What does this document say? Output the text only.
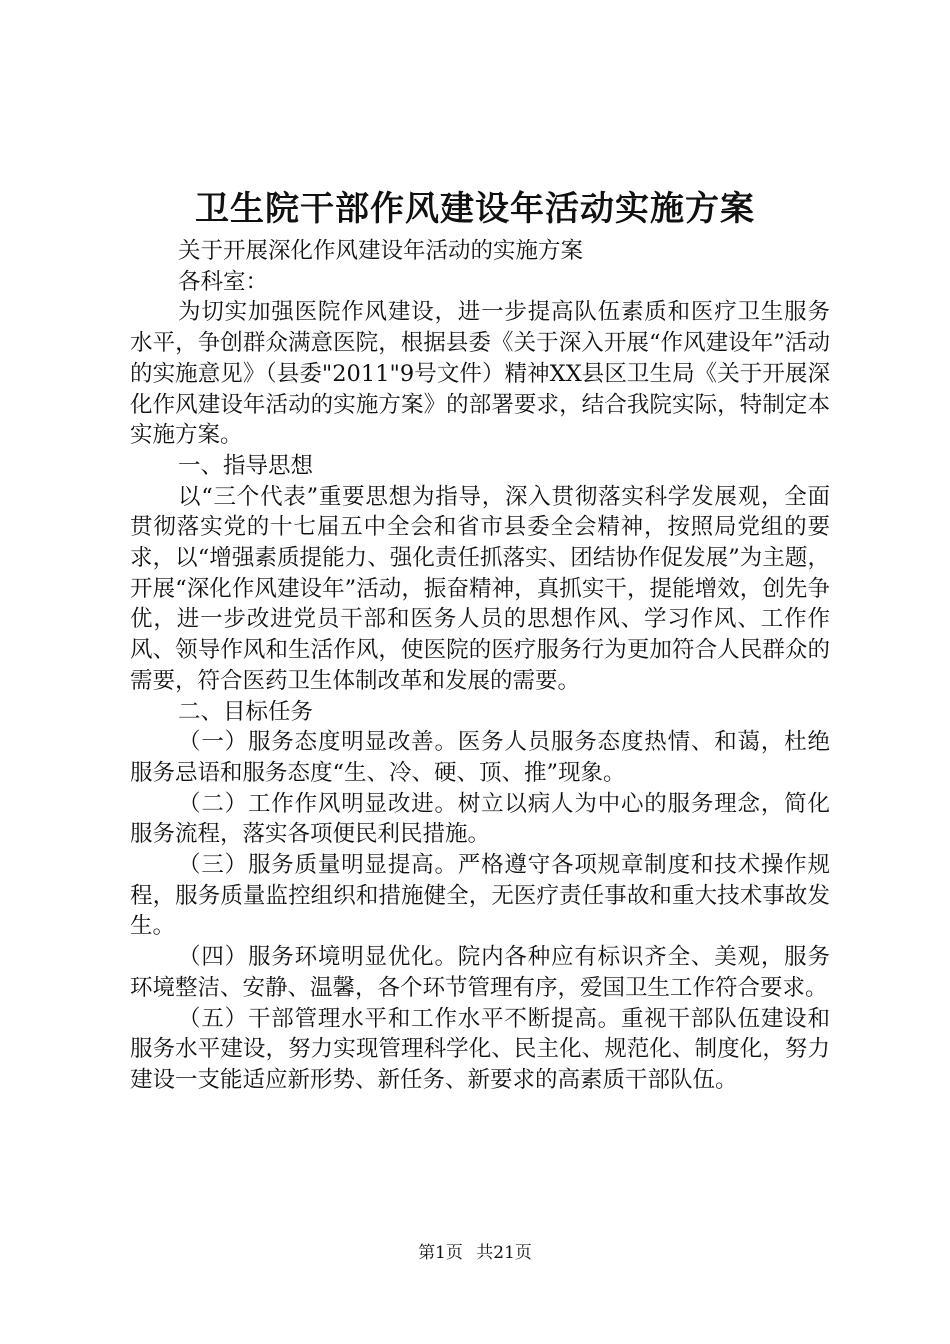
卫生院干部作风建设年活动实施方案

关于开展深化作风建设年活动的实施方案

各科室：

为切实加强医院作风建设，进一步提高队伍素质和医疗卫生服务水平，争创群众满意医院，根据县委《关于深入开展“作风建设年”活动的实施意见》（县委"2011"9号文件）精神XX县区卫生局《关于开展深化作风建设年活动的实施方案》的部署要求，结合我院实际，特制定本实施方案。

一、指导思想

以“三个代表”重要思想为指导，深入贯彻落实科学发展观，全面贯彻落实党的十七届五中全会和省市县委全会精神，按照局党组的要求，以“增强素质提能力、强化责任抓落实、团结协作促发展”为主题，开展“深化作风建设年”活动，振奋精神，真抓实干，提能增效，创先争优，进一步改进党员干部和医务人员的思想作风、学习作风、工作作风、领导作风和生活作风，使医院的医疗服务行为更加符合人民群众的需要，符合医药卫生体制改革和发展的需要。

二、目标任务

（一）服务态度明显改善。医务人员服务态度热情、和蔼，杜绝服务忌语和服务态度“生、冷、硬、顶、推”现象。

（二）工作作风明显改进。树立以病人为中心的服务理念，简化服务流程，落实各项便民利民措施。

（三）服务质量明显提高。严格遵守各项规章制度和技术操作规程，服务质量监控组织和措施健全，无医疗责任事故和重大技术事故发生。

（四）服务环境明显优化。院内各种应有标识齐全、美观，服务环境整洁、安静、温馨，各个环节管理有序，爱国卫生工作符合要求。

（五）干部管理水平和工作水平不断提高。重视干部队伍建设和服务水平建设，努力实现管理科学化、民主化、规范化、制度化，努力建设一支能适应新形势、新任务、新要求的高素质干部队伍。

第1页 共21页
